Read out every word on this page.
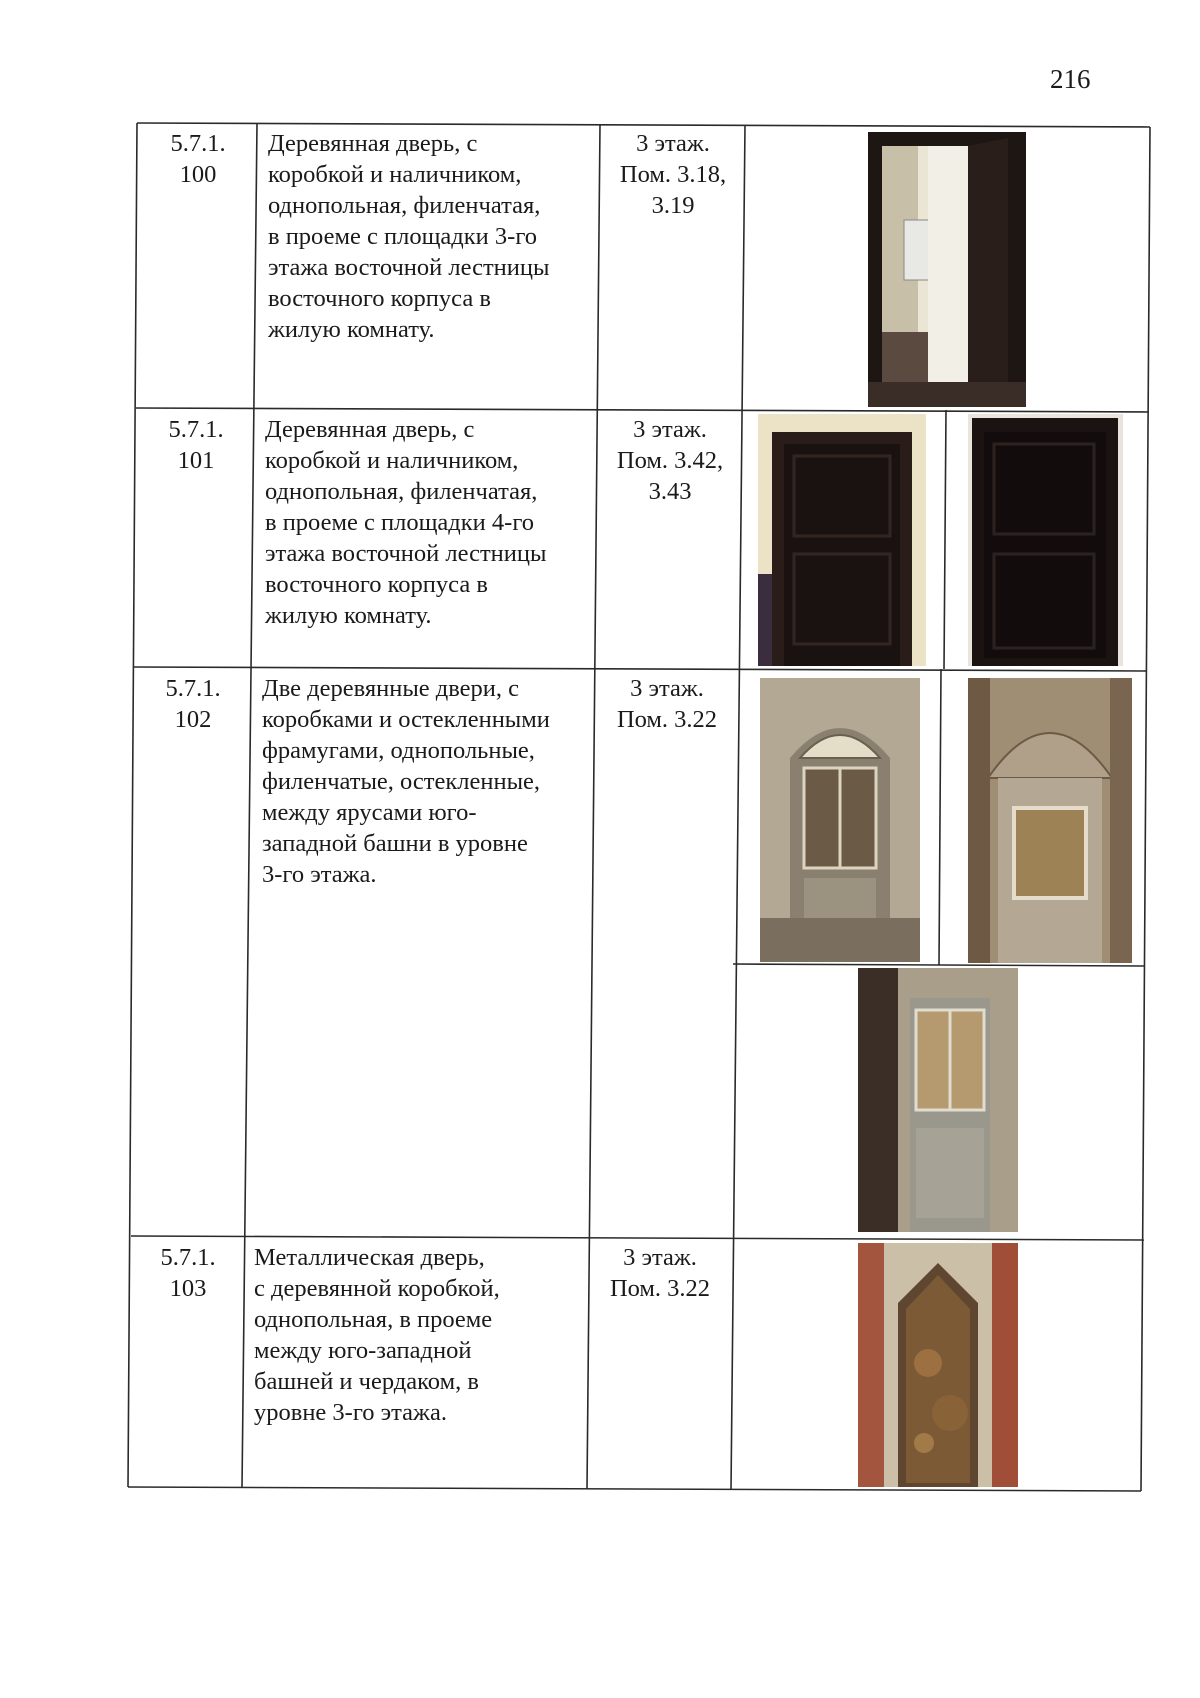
216
5.7.1.
100
Деревянная дверь, с
коробкой и наличником,
однопольная, филенчатая,
в проеме с площадки 3-го
этажа восточной лестницы
восточного корпуса в
жилую комнату.
3 этаж.
Пом. 3.18,
3.19
5.7.1.
101
Деревянная дверь, с
коробкой и наличником,
однопольная, филенчатая,
в проеме с площадки 4-го
этажа восточной лестницы
восточного корпуса в
жилую комнату.
3 этаж.
Пом. 3.42,
3.43
5.7.1.
102
Две деревянные двери, с
коробками и остекленными
фрамугами, однопольные,
филенчатые, остекленные,
между ярусами юго-
западной башни в уровне
3-го этажа.
3 этаж.
Пом. 3.22
5.7.1.
103
Металлическая дверь,
с деревянной коробкой,
однопольная, в проеме
между юго-западной
башней и чердаком, в
уровне 3-го этажа.
3 этаж.
Пом. 3.22
